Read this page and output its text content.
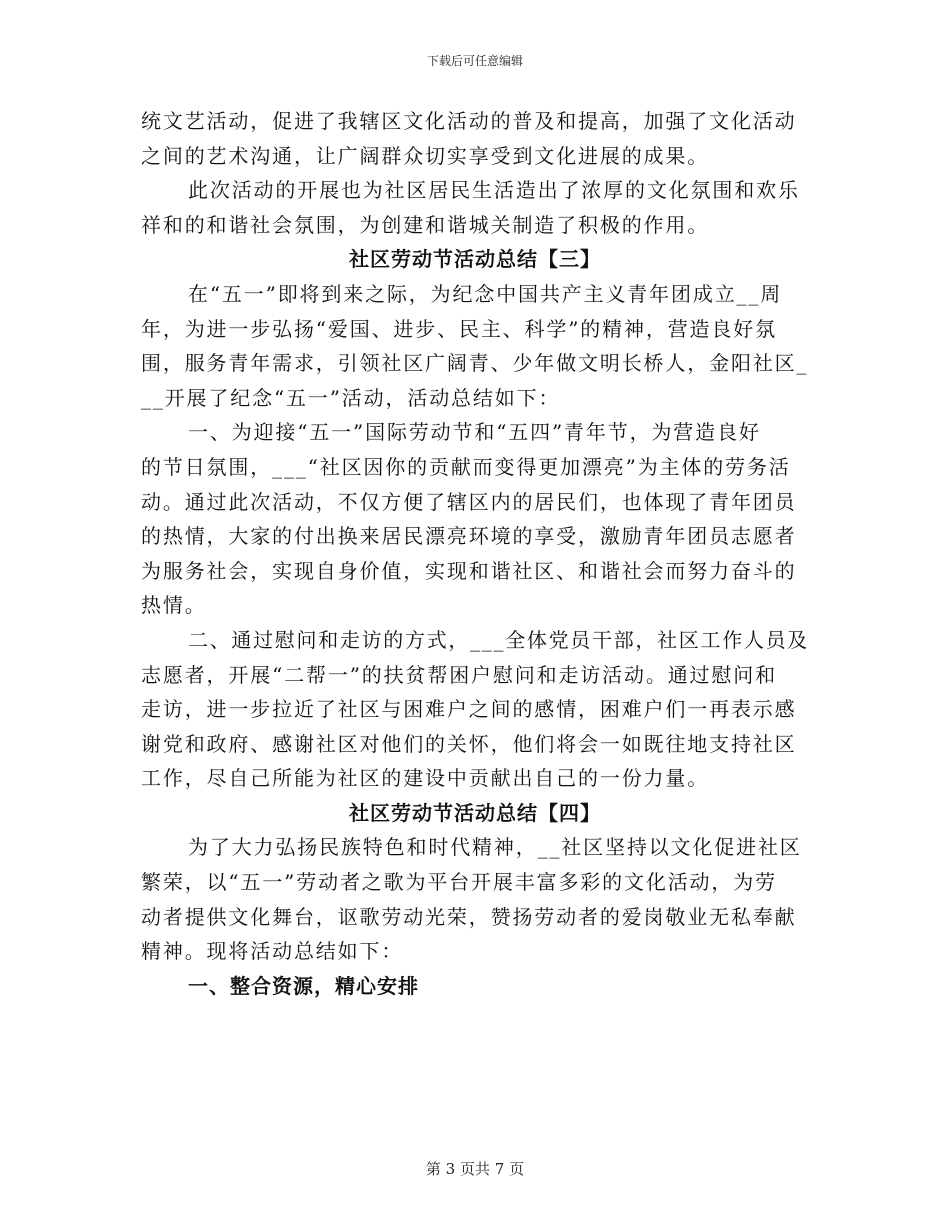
下载后可任意编辑
统文艺活动，促进了我辖区文化活动的普及和提高，加强了文化活动
之间的艺术沟通，让广阔群众切实享受到文化进展的成果。
此次活动的开展也为社区居民生活造出了浓厚的文化氛围和欢乐
祥和的和谐社会氛围，为创建和谐城关制造了积极的作用。
社区劳动节活动总结【三】
在“五一”即将到来之际，为纪念中国共产主义青年团成立__周
年，为进一步弘扬“爱国、进步、民主、科学”的精神，营造良好氛
围，服务青年需求，引领社区广阔青、少年做文明长桥人，金阳社区_
__开展了纪念“五一”活动，活动总结如下：
一、为迎接“五一”国际劳动节和“五四”青年节，为营造良好
的节日氛围，___“社区因你的贡献而变得更加漂亮”为主体的劳务活
动。通过此次活动，不仅方便了辖区内的居民们，也体现了青年团员
的热情，大家的付出换来居民漂亮环境的享受，激励青年团员志愿者
为服务社会，实现自身价值，实现和谐社区、和谐社会而努力奋斗的
热情。
二、通过慰问和走访的方式，___全体党员干部，社区工作人员及
志愿者，开展“二帮一”的扶贫帮困户慰问和走访活动。通过慰问和
走访，进一步拉近了社区与困难户之间的感情，困难户们一再表示感
谢党和政府、感谢社区对他们的关怀，他们将会一如既往地支持社区
工作，尽自己所能为社区的建设中贡献出自己的一份力量。
社区劳动节活动总结【四】
为了大力弘扬民族特色和时代精神，__社区坚持以文化促进社区
繁荣，以“五一”劳动者之歌为平台开展丰富多彩的文化活动，为劳
动者提供文化舞台，讴歌劳动光荣，赞扬劳动者的爱岗敬业无私奉献
精神。现将活动总结如下：
一、整合资源，精心安排
第 3 页共 7 页
